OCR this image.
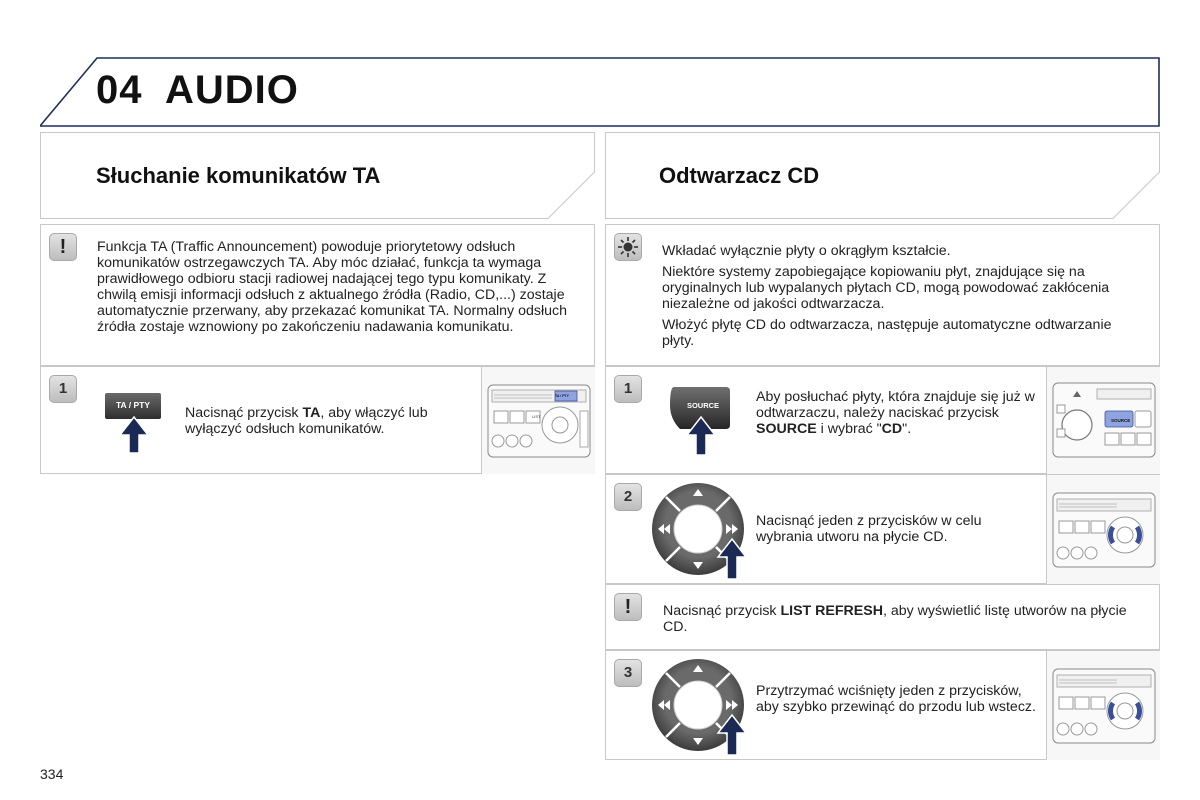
04 AUDIO
Słuchanie komunikatów TA	Odtwarzacz CD
!	Funkcja TA (Traffic Announcement) powoduje priorytetowy odsłuch komunikatów ostrzegawczych TA. Aby móc działać, funkcja ta wymaga prawidłowego odbioru stacji radiowej nadającej tego typu komunikaty. Z chwilą emisji informacji odsłuch z aktualnego źródła (Radio, CD,...) zostaje automatycznie przerwany, aby przekazać komunikat TA. Normalny odsłuch źródła zostaje wznowiony po zakończeniu nadawania komunikatu.
1
TA / PTY	Nacisnąć przycisk TA, aby włączyć lub wyłączyć odsłuch komunikatów.
TA / PTY
LIST
Wkładać wyłącznie płyty o okrągłym kształcie.
Niektóre systemy zapobiegające kopiowaniu płyt, znajdujące się na oryginalnych lub wypalanych płytach CD, mogą powodować zakłócenia niezależne od jakości odtwarzacza.
Włożyć płytę CD do odtwarzacza, następuje automatyczne odtwarzanie płyty.
1
SOURCE
Aby posłuchać płyty, która znajduje się już w odtwarzaczu, należy naciskać przycisk SOURCE i wybrać "CD".
SOURCE
2
Nacisnąć jeden z przycisków w celu wybrania utworu na płycie CD.
!	Nacisnąć przycisk LIST REFRESH, aby wyświetlić listę utworów na płycie CD.
3
Przytrzymać wciśnięty jeden z przycisków, aby szybko przewinąć do przodu lub wstecz.
334
